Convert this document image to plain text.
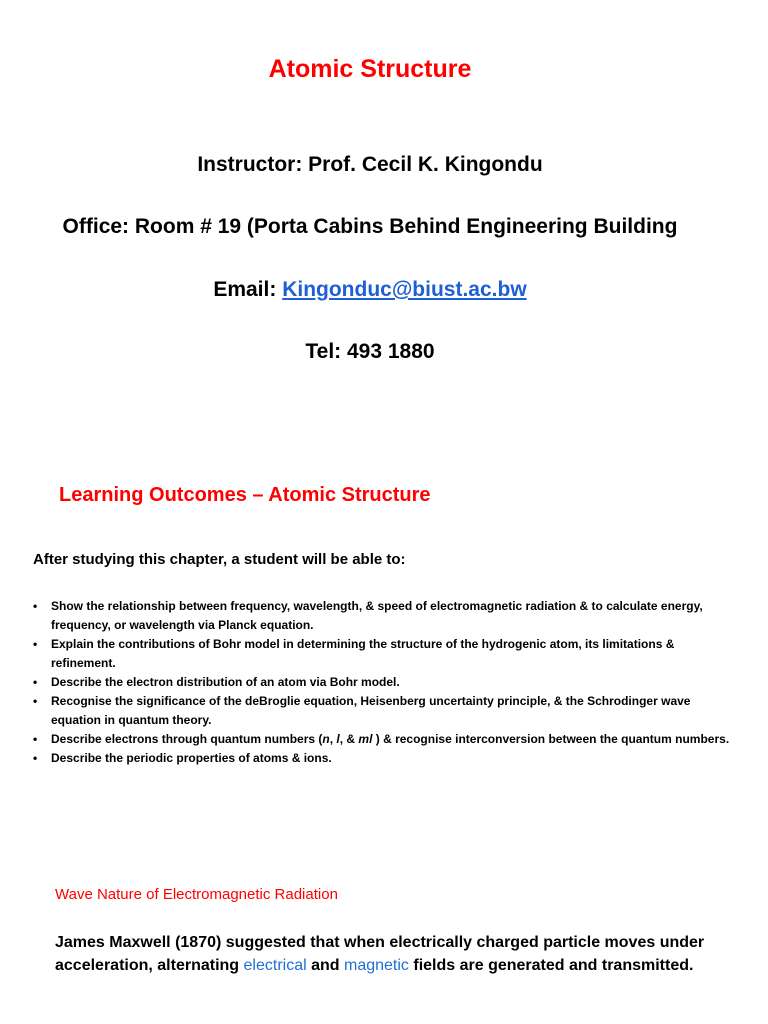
Atomic Structure
Instructor: Prof. Cecil K. Kingondu
Office: Room # 19 (Porta Cabins Behind Engineering Building
Email: Kingonduc@biust.ac.bw
Tel: 493 1880
Learning Outcomes – Atomic Structure
After studying this chapter, a student will be able to:
• Show the relationship between frequency, wavelength, & speed of electromagnetic radiation & to calculate energy, frequency, or wavelength via Planck equation.
• Explain the contributions of Bohr model in determining the structure of the hydrogenic atom, its limitations & refinement.
• Describe the electron distribution of an atom via Bohr model.
• Recognise the significance of the deBroglie equation, Heisenberg uncertainty principle, & the Schrodinger wave equation in quantum theory.
• Describe electrons through quantum numbers (n, l, & ml ) & recognise interconversion between the quantum numbers.
• Describe the periodic properties of atoms & ions.
Wave Nature of Electromagnetic Radiation
James Maxwell (1870) suggested that when electrically charged particle moves under acceleration, alternating electrical and magnetic fields are generated and transmitted.
